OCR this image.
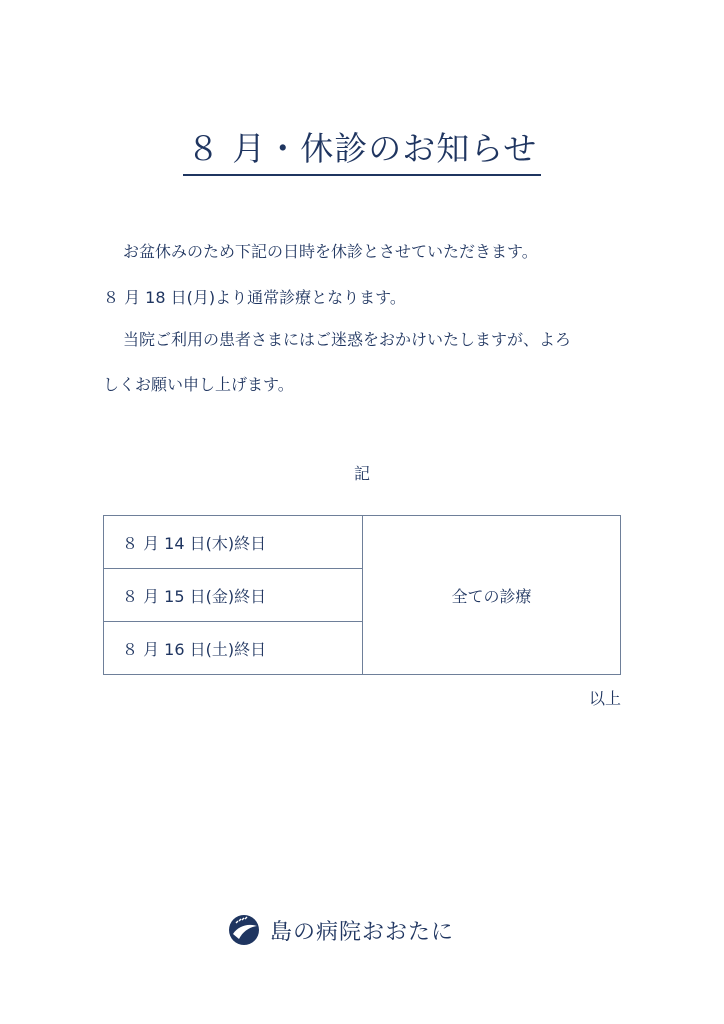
８ 月・休診のお知らせ
お盆休みのため下記の日時を休診とさせていただきます。
８ 月 18 日(月)より通常診療となります。
当院ご利用の患者さまにはご迷惑をおかけいたしますが、よろ
しくお願い申し上げます。
記
８ 月 14 日(木)終日	全ての診療
８ 月 15 日(金)終日
８ 月 16 日(土)終日
以上
島の病院おおたに
